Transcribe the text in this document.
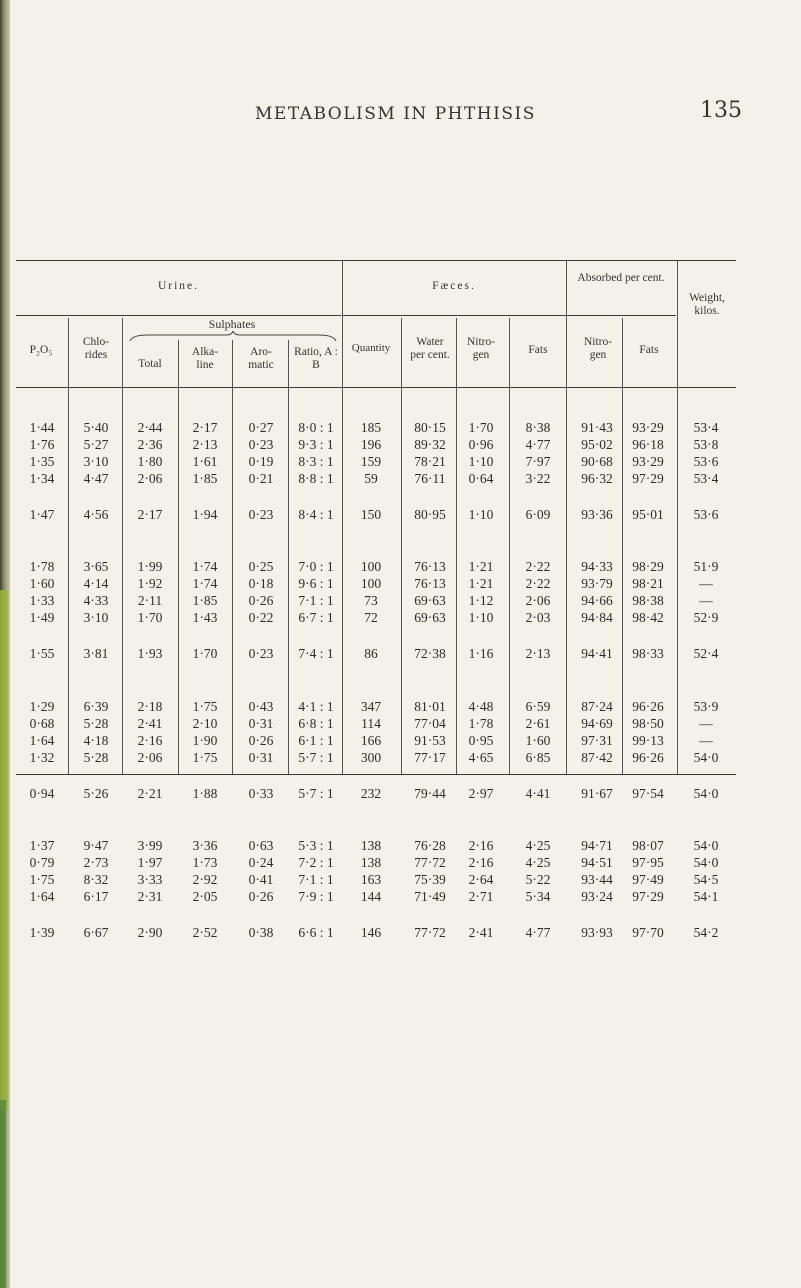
METABOLISM IN PHTHISIS	135
Urine.	Fæces.
Absorbed per cent.
Weight, kilos.
Sulphates
P₂O₅
Chlo- rides
Total
Alka- line
Aro- matic
Ratio, A : B
Quantity	Water per cent.
Nitro- gen	Fats
Nitro- gen	Fats
1·44	5·40	2·44	2·17	0·27	8·0 : 1	185	80·15	1·70	8·38	91·43	93·29	53·4
1·76	5·27	2·36	2·13	0·23	9·3 : 1	196	89·32	0·96	4·77	95·02	96·18	53·8
1·35	3·10	1·80	1·61	0·19	8·3 : 1	159	78·21	1·10	7·97	90·68	93·29	53·6
1·34	4·47	2·06	1·85	0·21	8·8 : 1	59	76·11	0·64	3·22	96·32	97·29	53·4
1·47	4·56	2·17	1·94	0·23	8·4 : 1	150	80·95	1·10	6·09	93·36	95·01	53·6
1·78	3·65	1·99	1·74	0·25	7·0 : 1	100	76·13	1·21	2·22	94·33	98·29	51·9
1·60	4·14	1·92	1·74	0·18	9·6 : 1	100	76·13	1·21	2·22	93·79	98·21	—
1·33	4·33	2·11	1·85	0·26	7·1 : 1	73	69·63	1·12	2·06	94·66	98·38	—
1·49	3·10	1·70	1·43	0·22	6·7 : 1	72	69·63	1·10	2·03	94·84	98·42	52·9
1·55	3·81	1·93	1·70	0·23	7·4 : 1	86	72·38	1·16	2·13	94·41	98·33	52·4
1·29	6·39	2·18	1·75	0·43	4·1 : 1	347	81·01	4·48	6·59	87·24	96·26	53·9
0·68	5·28	2·41	2·10	0·31	6·8 : 1	114	77·04	1·78	2·61	94·69	98·50	—
1·64	4·18	2·16	1·90	0·26	6·1 : 1	166	91·53	0·95	1·60	97·31	99·13	—
1·32	5·28	2·06	1·75	0·31	5·7 : 1	300	77·17	4·65	6·85	87·42	96·26	54·0
0·94	5·26	2·21	1·88	0·33	5·7 : 1	232	79·44	2·97	4·41	91·67	97·54	54·0
1·37	9·47	3·99	3·36	0·63	5·3 : 1	138	76·28	2·16	4·25	94·71	98·07	54·0
0·79	2·73	1·97	1·73	0·24	7·2 : 1	138	77·72	2·16	4·25	94·51	97·95	54·0
1·75	8·32	3·33	2·92	0·41	7·1 : 1	163	75·39	2·64	5·22	93·44	97·49	54·5
1·64	6·17	2·31	2·05	0·26	7·9 : 1	144	71·49	2·71	5·34	93·24	97·29	54·1
1·39	6·67	2·90	2·52	0·38	6·6 : 1	146	77·72	2·41	4·77	93·93	97·70	54·2
